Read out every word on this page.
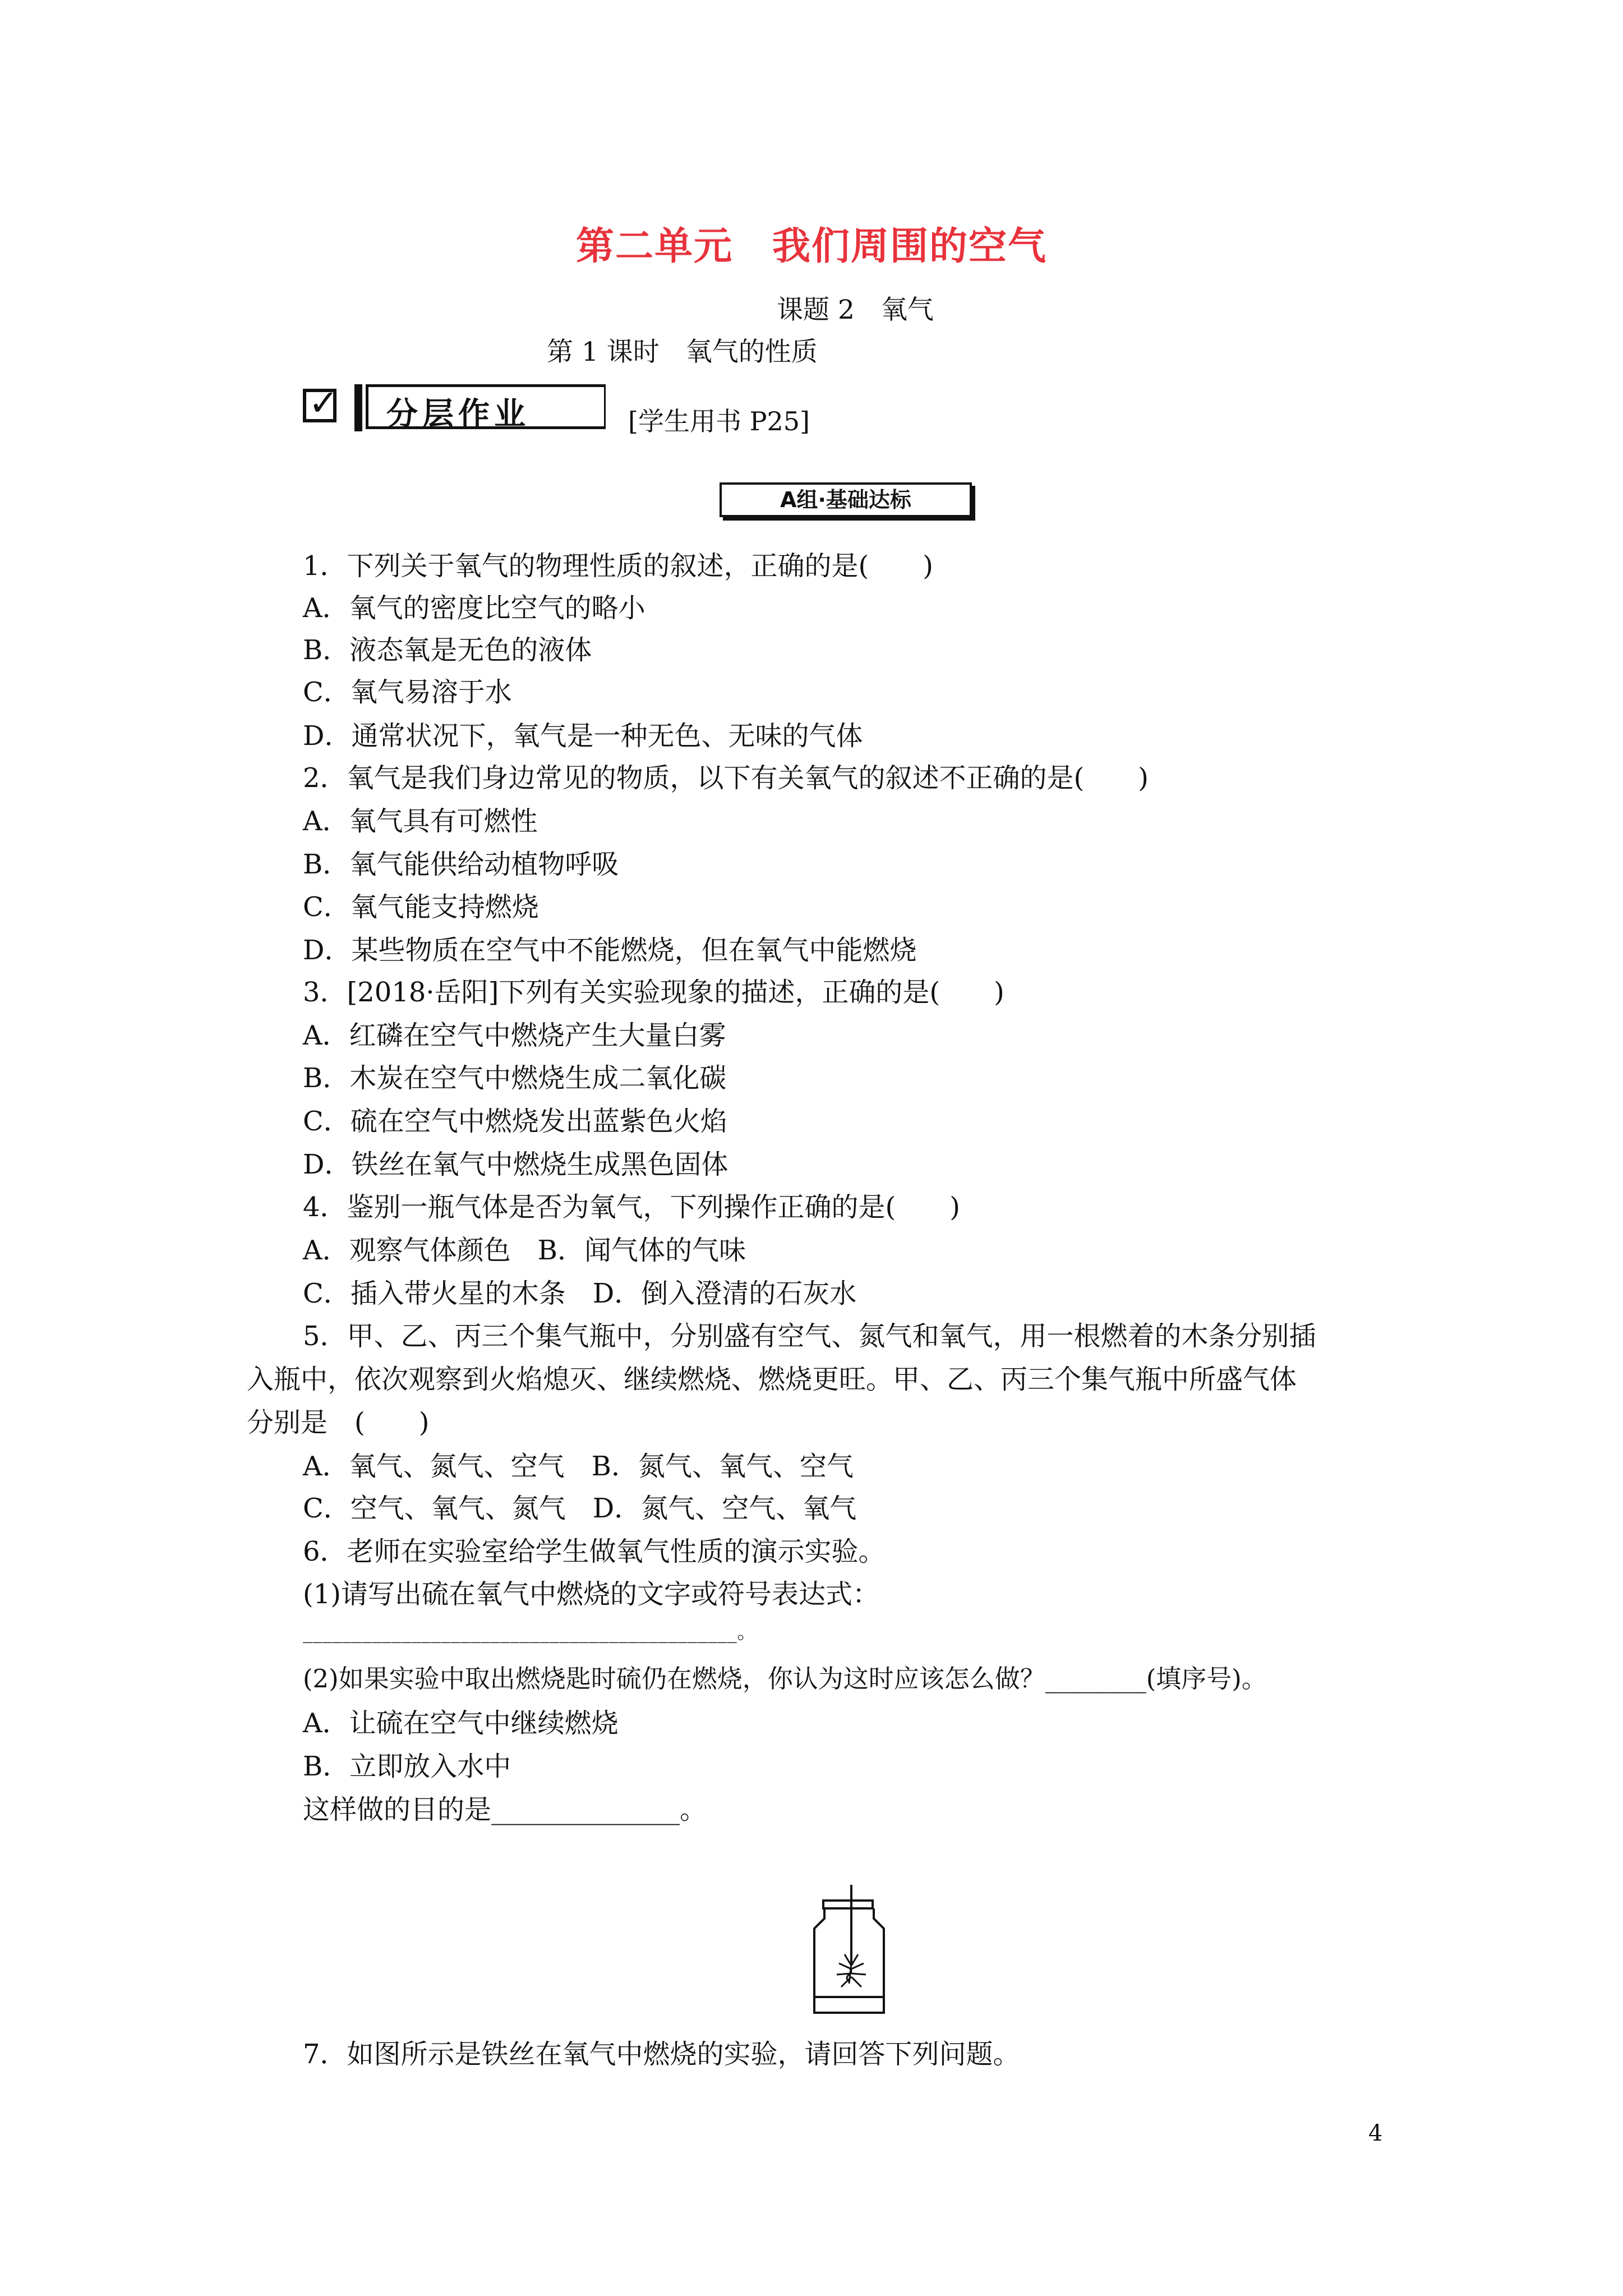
第二单元　我们周围的空气
课题 2　氧气
第 1 课时　氧气的性质
✓ 分层作业	[学生用书 P25]
A组·基础达标
1．下列关于氧气的物理性质的叙述，正确的是(　　)
A．氧气的密度比空气的略小
B．液态氧是无色的液体
C．氧气易溶于水
D．通常状况下，氧气是一种无色、无味的气体
2．氧气是我们身边常见的物质，以下有关氧气的叙述不正确的是(　　)
A．氧气具有可燃性
B．氧气能供给动植物呼吸
C．氧气能支持燃烧
D．某些物质在空气中不能燃烧，但在氧气中能燃烧
3．[2018·岳阳]下列有关实验现象的描述，正确的是(　　)
A．红磷在空气中燃烧产生大量白雾
B．木炭在空气中燃烧生成二氧化碳
C．硫在空气中燃烧发出蓝紫色火焰
D．铁丝在氧气中燃烧生成黑色固体
4．鉴别一瓶气体是否为氧气，下列操作正确的是(　　)
A．观察气体颜色　B．闻气体的气味
C．插入带火星的木条　D．倒入澄清的石灰水
5．甲、乙、丙三个集气瓶中，分别盛有空气、氮气和氧气，用一根燃着的木条分别插
入瓶中，依次观察到火焰熄灭、继续燃烧、燃烧更旺。甲、乙、丙三个集气瓶中所盛气体
分别是　(　　)
A．氧气、氮气、空气　B．氮气、氧气、空气
C．空气、氧气、氮气　D．氮气、空气、氧气
6．老师在实验室给学生做氧气性质的演示实验。
(1)请写出硫在氧气中燃烧的文字或符号表达式：
____________________________________________。
(2)如果实验中取出燃烧匙时硫仍在燃烧，你认为这时应该怎么做？________(填序号)。
A．让硫在空气中继续燃烧
B．立即放入水中
这样做的目的是______________。
7．如图所示是铁丝在氧气中燃烧的实验，请回答下列问题。
4
